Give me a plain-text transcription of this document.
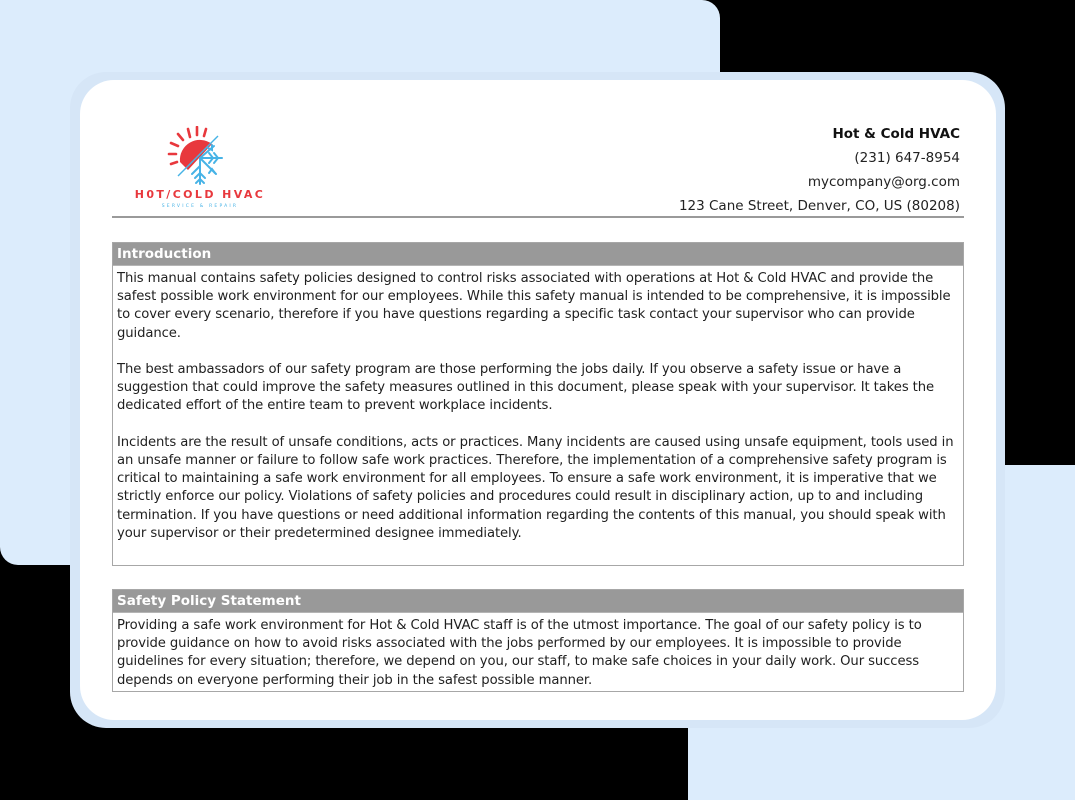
H0T/COLD HVAC
SERVICE & REPAIR
Hot & Cold HVAC
(231) 647-8954
mycompany@org.com
123 Cane Street, Denver, CO, US (80208)
Introduction

This manual contains safety policies designed to control risks associated with operations at Hot & Cold HVAC and provide the safest possible work environment for our employees. While this safety manual is intended to be comprehensive, it is impossible to cover every scenario, therefore if you have questions regarding a specific task contact your supervisor who can provide guidance.

The best ambassadors of our safety program are those performing the jobs daily. If you observe a safety issue or have a suggestion that could improve the safety measures outlined in this document, please speak with your supervisor. It takes the dedicated effort of the entire team to prevent workplace incidents.

Incidents are the result of unsafe conditions, acts or practices. Many incidents are caused using unsafe equipment, tools used in an unsafe manner or failure to follow safe work practices. Therefore, the implementation of a comprehensive safety program is critical to maintaining a safe work environment for all employees. To ensure a safe work environment, it is imperative that we strictly enforce our policy. Violations of safety policies and procedures could result in disciplinary action, up to and including termination. If you have questions or need additional information regarding the contents of this manual, you should speak with your supervisor or their predetermined designee immediately.

Safety Policy Statement

Providing a safe work environment for Hot & Cold HVAC staff is of the utmost importance. The goal of our safety policy is to provide guidance on how to avoid risks associated with the jobs performed by our employees. It is impossible to provide guidelines for every situation; therefore, we depend on you, our staff, to make safe choices in your daily work. Our success depends on everyone performing their job in the safest possible manner.
